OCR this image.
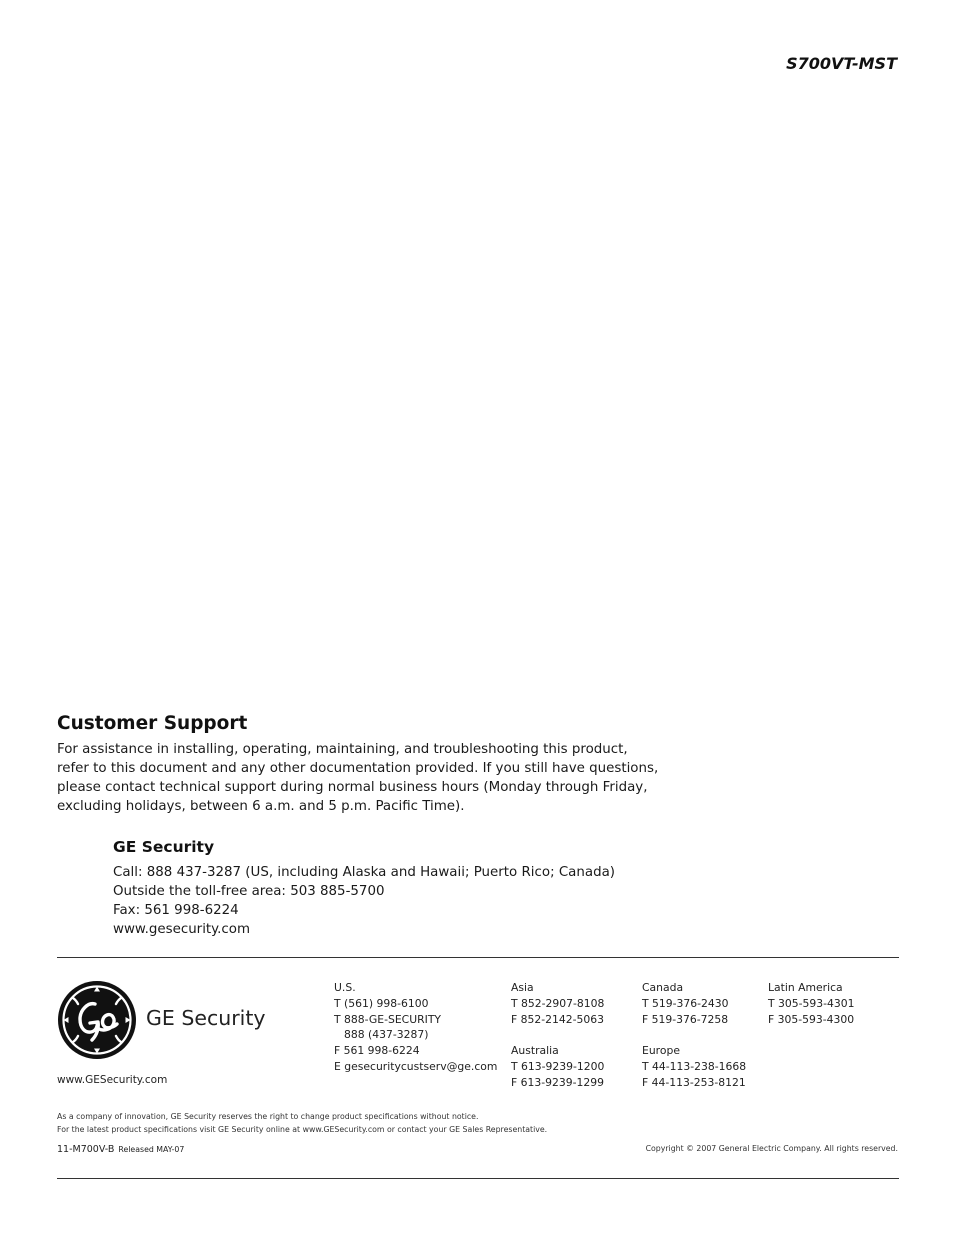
S700VT-MST
Customer Support
For assistance in installing, operating, maintaining, and troubleshooting this product,
refer to this document and any other documentation provided. If you still have questions,
please contact technical support during normal business hours (Monday through Friday,
excluding holidays, between 6 a.m. and 5 p.m. Pacific Time).
GE Security
Call: 888 437-3287 (US, including Alaska and Hawaii; Puerto Rico; Canada)
Outside the toll-free area: 503 885-5700
Fax: 561 998-6224
www.gesecurity.com
GE Security
www.GESecurity.com
U.S.
T (561) 998-6100
T 888-GE-SECURITY
888 (437-3287)
F 561 998-6224
E gesecuritycustserv@ge.com
Asia
T 852-2907-8108
F 852-2142-5063
Australia
T 613-9239-1200
F 613-9239-1299
Canada
T 519-376-2430
F 519-376-7258
Europe
T 44-113-238-1668
F 44-113-253-8121
Latin America
T 305-593-4301
F 305-593-4300
As a company of innovation, GE Security reserves the right to change product specifications without notice.
For the latest product specifications visit GE Security online at www.GESecurity.com or contact your GE Sales Representative.
11-M700V-B Released MAY-07	Copyright © 2007 General Electric Company. All rights reserved.
